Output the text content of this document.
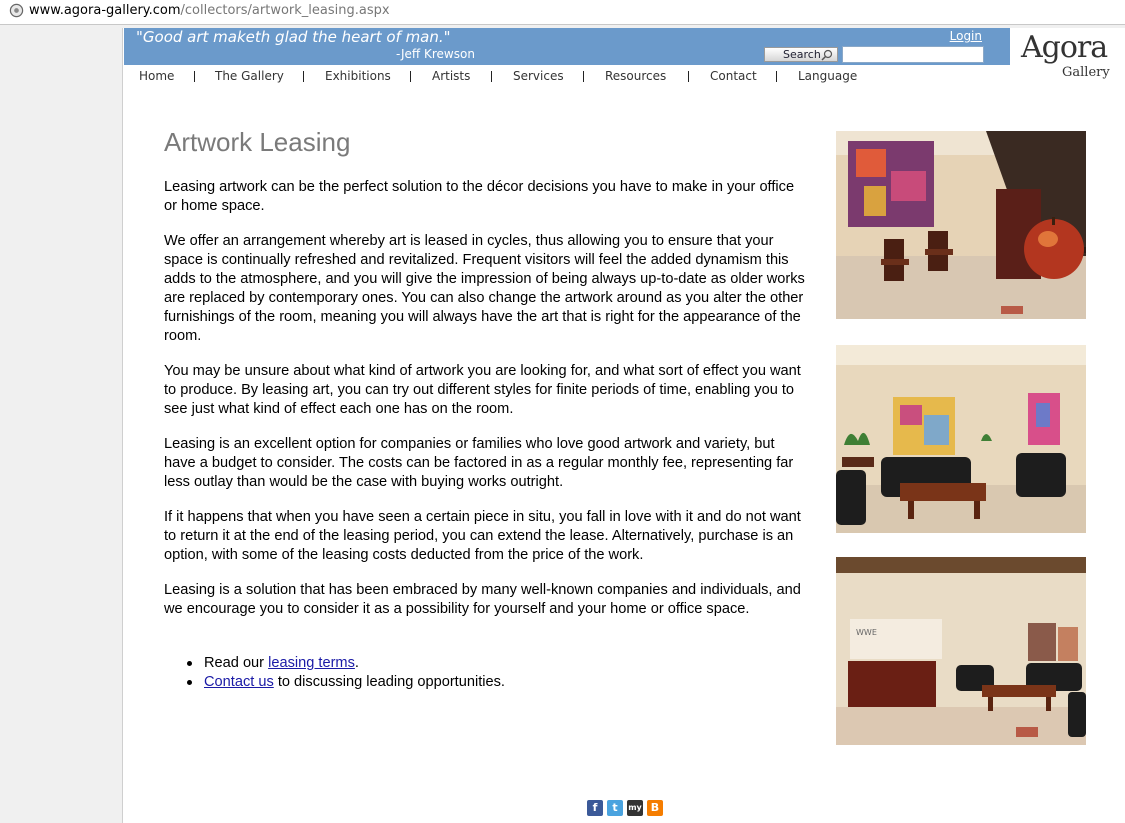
www.agora-gallery.com/collectors/artwork_leasing.aspx
"Good art maketh glad the heart of man."
-Jeff Krewson
Login
Search	Agora
Gallery
Home	The Gallery	Exhibitions	Artists	Services	Resources	Contact	Language
Artwork Leasing

Leasing artwork can be the perfect solution to the décor decisions you have to make in your office or home space.

We offer an arrangement whereby art is leased in cycles, thus allowing you to ensure that your space is continually refreshed and revitalized. Frequent visitors will feel the added dynamism this adds to the atmosphere, and you will give the impression of being always up-to-date as older works are replaced by contemporary ones. You can also change the artwork around as you alter the other furnishings of the room, meaning you will always have the art that is right for the appearance of the room.

You may be unsure about what kind of artwork you are looking for, and what sort of effect you want to produce. By leasing art, you can try out different styles for finite periods of time, enabling you to see just what kind of effect each one has on the room.

Leasing is an excellent option for companies or families who love good artwork and variety, but have a budget to consider. The costs can be factored in as a regular monthly fee, representing far less outlay than would be the case with buying works outright.

If it happens that when you have seen a certain piece in situ, you fall in love with it and do not want to return it at the end of the leasing period, you can extend the lease. Alternatively, purchase is an option, with some of the leasing costs deducted from the price of the work.

Leasing is a solution that has been embraced by many well-known companies and individuals, and we encourage you to consider it as a possibility for yourself and your home or office space.

Read our leasing terms.
Contact us to discussing leading opportunities.
WWE
f	t	my B
